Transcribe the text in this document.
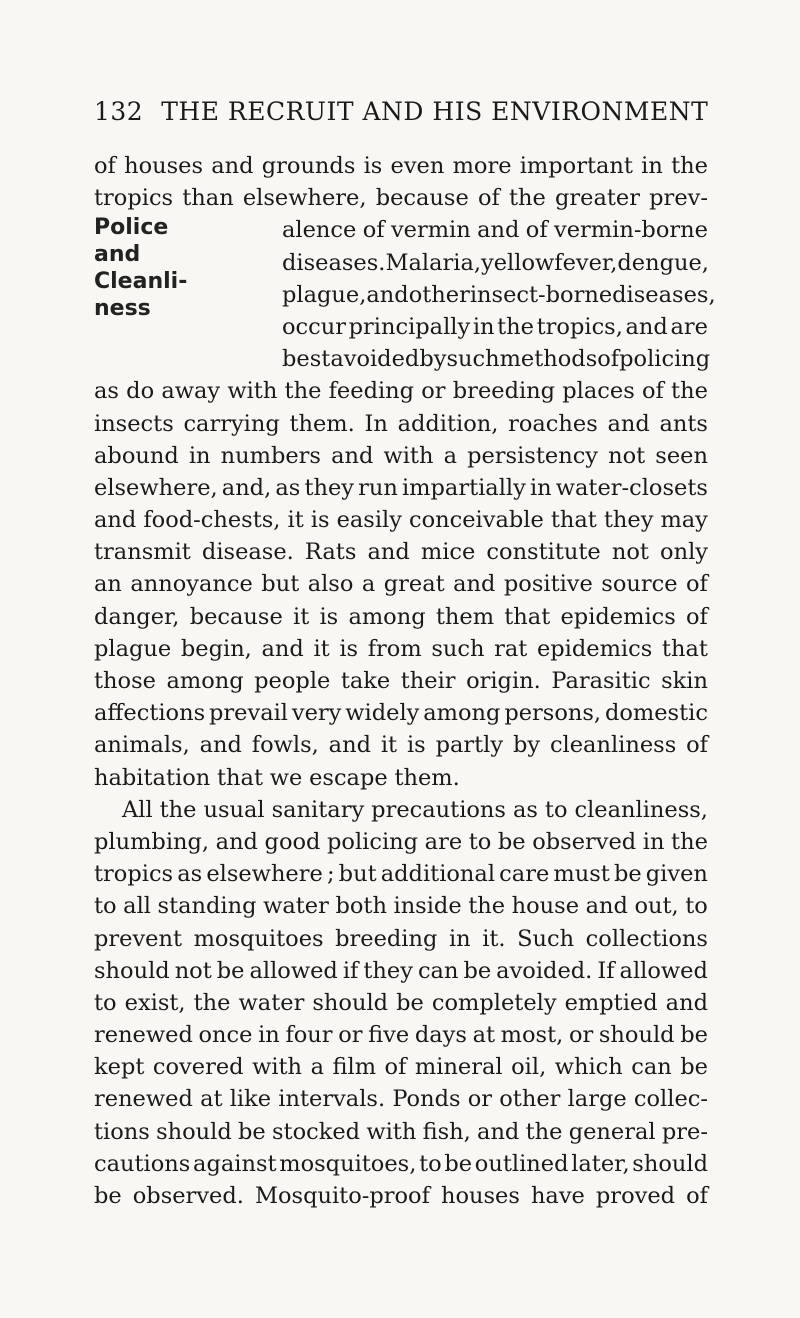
132 THE RECRUIT AND HIS ENVIRONMENT
Police
and
Cleanli-
ness
of houses and grounds is even more important in the
tropics than elsewhere, because of the greater prev-
alence of vermin and of vermin-borne
diseases. Malaria, yellow fever, dengue,
plague, and other insect-borne diseases,
occur principally in the tropics, and are
best avoided by such methods of policing
as do away with the feeding or breeding places of the
insects carrying them. In addition, roaches and ants
abound in numbers and with a persistency not seen
elsewhere, and, as they run impartially in water-closets
and food-chests, it is easily conceivable that they may
transmit disease. Rats and mice constitute not only
an annoyance but also a great and positive source of
danger, because it is among them that epidemics of
plague begin, and it is from such rat epidemics that
those among people take their origin. Parasitic skin
affections prevail very widely among persons, domestic
animals, and fowls, and it is partly by cleanliness of
habitation that we escape them.
All the usual sanitary precautions as to cleanliness,
plumbing, and good policing are to be observed in the
tropics as elsewhere ; but additional care must be given
to all standing water both inside the house and out, to
prevent mosquitoes breeding in it. Such collections
should not be allowed if they can be avoided. If allowed
to exist, the water should be completely emptied and
renewed once in four or five days at most, or should be
kept covered with a film of mineral oil, which can be
renewed at like intervals. Ponds or other large collec-
tions should be stocked with fish, and the general pre-
cautions against mosquitoes, to be outlined later, should
be observed. Mosquito-proof houses have proved of
